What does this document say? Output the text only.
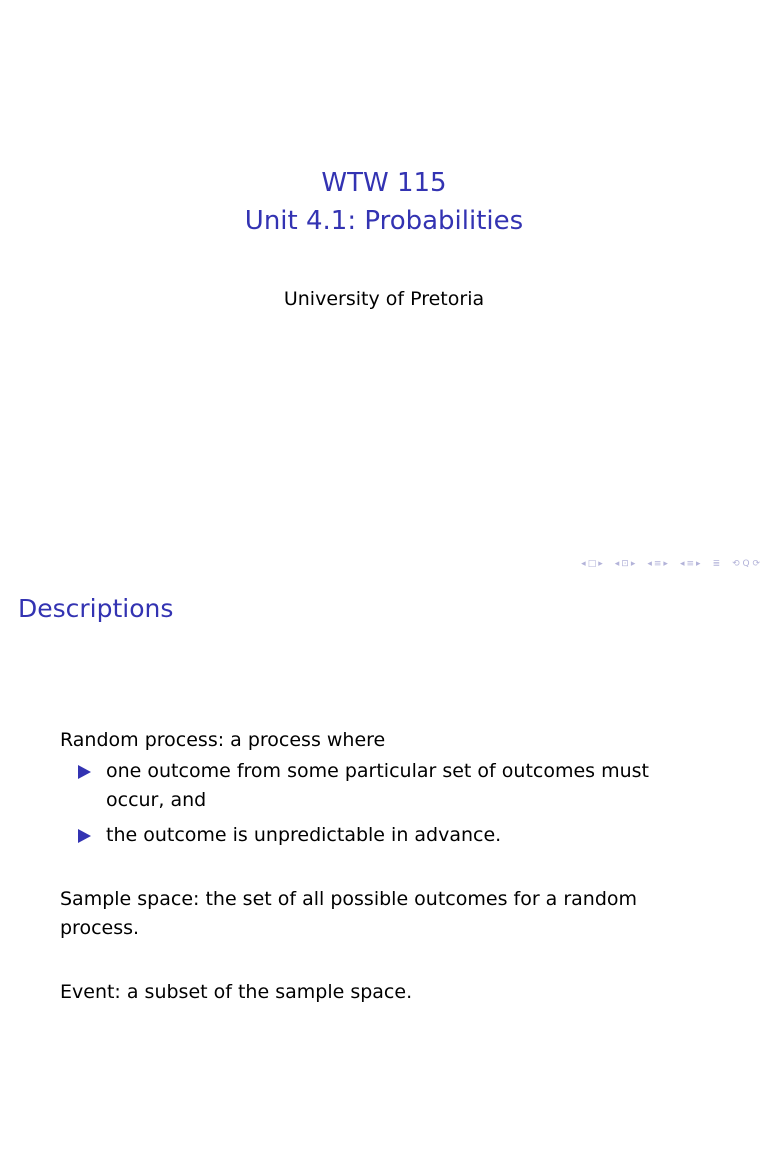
WTW 115
Unit 4.1: Probabilities
University of Pretoria
◂ □ ▸ ◂ ⊡ ▸ ◂ ≡ ▸ ◂ ≡ ▸ ≣ ⟲ Q ⟳
Descriptions
Random process: a process where
one outcome from some particular set of outcomes must occur, and
the outcome is unpredictable in advance.

Sample space: the set of all possible outcomes for a random process.

Event: a subset of the sample space.
